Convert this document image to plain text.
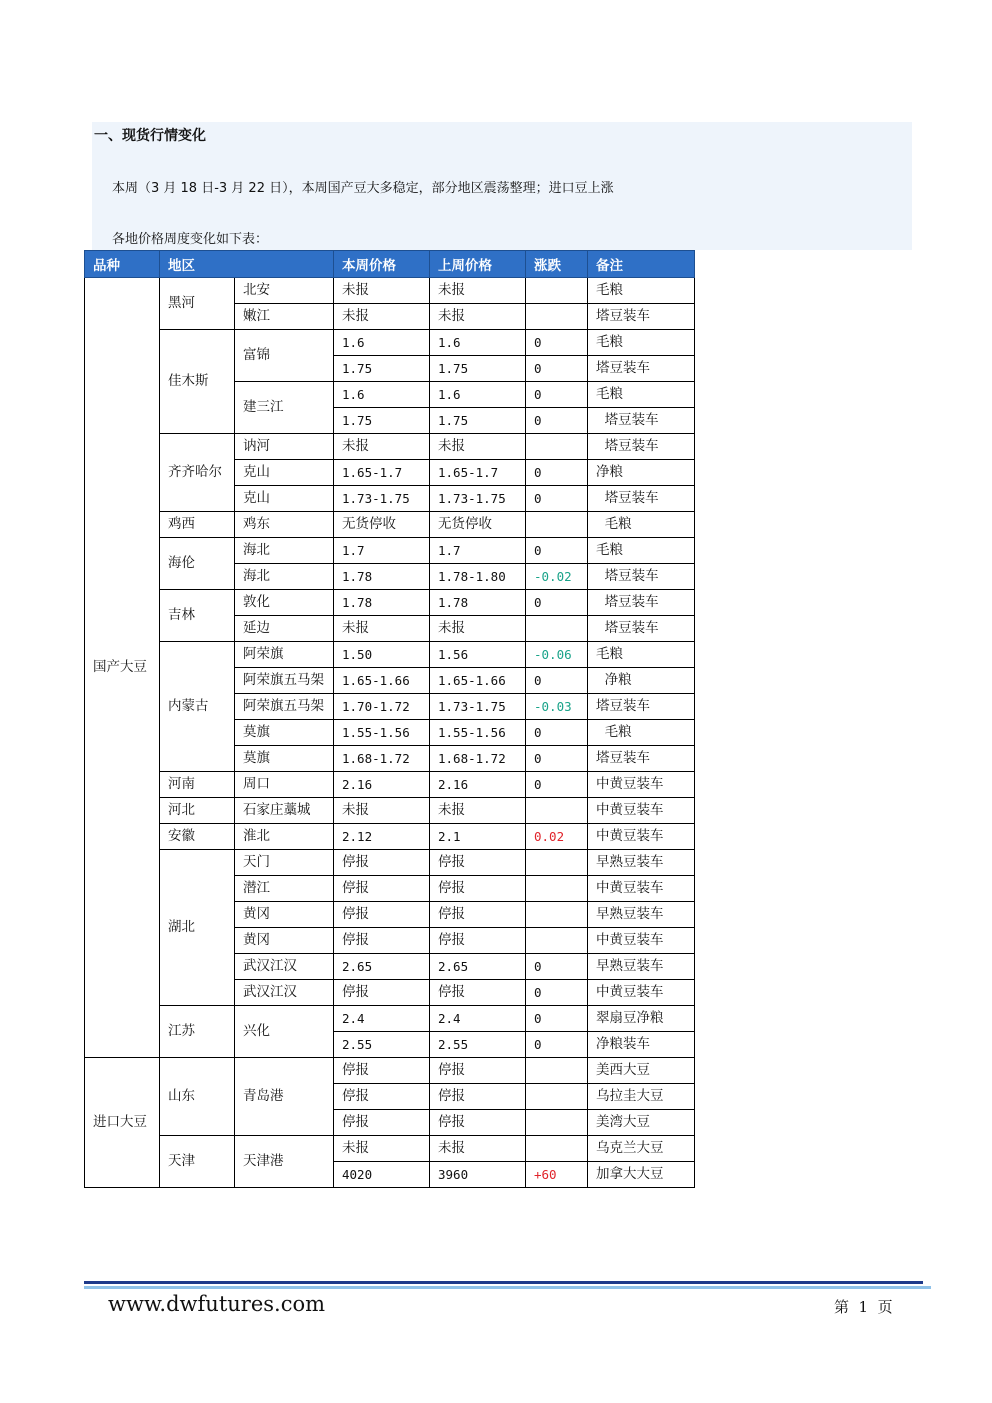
一、现货行情变化
本周（3 月 18 日-3 月 22 日），本周国产豆大多稳定，部分地区震荡整理；进口豆上涨
各地价格周度变化如下表：
品种	地区		本周价格	上周价格	涨跌	备注
国产大豆	黑河	北安	未报	未报		毛粮
		嫩江	未报	未报		塔豆装车
	佳木斯	富锦	1.6	1.6	0	毛粮
			1.75	1.75	0	塔豆装车
		建三江	1.6	1.6	0	毛粮
			1.75	1.75	0	塔豆装车
	齐齐哈尔	讷河	未报	未报		塔豆装车
		克山	1.65-1.7	1.65-1.7	0	净粮
		克山	1.73-1.75	1.73-1.75	0	塔豆装车
	鸡西	鸡东	无货停收	无货停收		毛粮
	海伦	海北	1.7	1.7	0	毛粮
		海北	1.78	1.78-1.80	-0.02	塔豆装车
	吉林	敦化	1.78	1.78	0	塔豆装车
		延边	未报	未报		塔豆装车
	内蒙古	阿荣旗	1.50	1.56	-0.06	毛粮
		阿荣旗五马架	1.65-1.66	1.65-1.66	0	净粮
		阿荣旗五马架	1.70-1.72	1.73-1.75	-0.03	塔豆装车
		莫旗	1.55-1.56	1.55-1.56	0	毛粮
		莫旗	1.68-1.72	1.68-1.72	0	塔豆装车
	河南	周口	2.16	2.16	0	中黄豆装车
	河北	石家庄藁城	未报	未报		中黄豆装车
	安徽	淮北	2.12	2.1	0.02	中黄豆装车
	湖北	天门	停报	停报		早熟豆装车
		潜江	停报	停报		中黄豆装车
		黄冈	停报	停报		早熟豆装车
		黄冈	停报	停报		中黄豆装车
		武汉江汉	2.65	2.65	0	早熟豆装车
		武汉江汉	停报	停报	0	中黄豆装车
	江苏	兴化	2.4	2.4	0	翠扇豆净粮
			2.55	2.55	0	净粮装车
进口大豆	山东	青岛港	停报	停报		美西大豆
			停报	停报		乌拉圭大豆
			停报	停报		美湾大豆
	天津	天津港	未报	未报		乌克兰大豆
			4020	3960	+60	加拿大大豆
www.dwfutures.com	第  1  页
